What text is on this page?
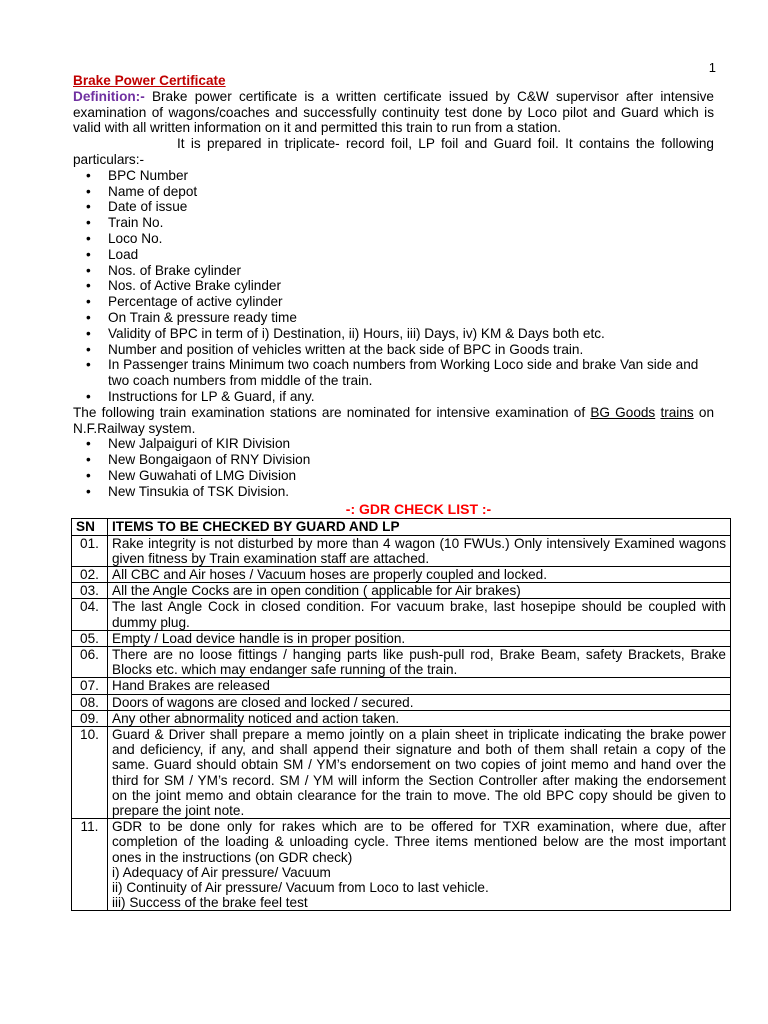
1
Brake Power Certificate

Definition:- Brake power certificate is a written certificate issued by C&W supervisor after intensive examination of wagons/coaches and successfully continuity test done by Loco pilot and Guard which is valid with all written information on it and permitted this train to run from a station.

It is prepared in triplicate- record foil, LP foil and Guard foil. It contains the following particulars:-

• BPC Number
• Name of depot
• Date of issue
• Train No.
• Loco No.
• Load
• Nos. of Brake cylinder
• Nos. of Active Brake cylinder
• Percentage of active cylinder
• On Train & pressure ready time
• Validity of BPC in term of i) Destination, ii) Hours, iii) Days, iv) KM & Days both etc.
• Number and position of vehicles written at the back side of BPC in Goods train.
• In Passenger trains Minimum two coach numbers from Working Loco side and brake Van side and two coach numbers from middle of the train.
• Instructions for LP & Guard, if any.

The following train examination stations are nominated for intensive examination of BG Goods trains on N.F.Railway system.

• New Jalpaiguri of KIR Division
• New Bongaigaon of RNY Division
• New Guwahati of LMG Division
• New Tinsukia of TSK Division.
-: GDR CHECK LIST :-
SN	ITEMS TO BE CHECKED BY GUARD AND LP
01.	Rake integrity is not disturbed by more than 4 wagon (10 FWUs.) Only intensively Examined wagons given fitness by Train examination staff are attached.

02.	All CBC and Air hoses / Vacuum hoses are properly coupled and locked.

03.	All the Angle Cocks are in open condition ( applicable for Air brakes)

04.	The last Angle Cock in closed condition. For vacuum brake, last hosepipe should be coupled with dummy plug.

05.	Empty / Load device handle is in proper position.

06.	There are no loose fittings / hanging parts like push-pull rod, Brake Beam, safety Brackets, Brake Blocks etc. which may endanger safe running of the train.

07.	Hand Brakes are released

08.	Doors of wagons are closed and locked / secured.

09.	Any other abnormality noticed and action taken.

10.	Guard & Driver shall prepare a memo jointly on a plain sheet in triplicate indicating the brake power and deficiency, if any, and shall append their signature and both of them shall retain a copy of the same. Guard should obtain SM / YM’s endorsement on two copies of joint memo and hand over the third for SM / YM’s record. SM / YM will inform the Section Controller after making the endorsement on the joint memo and obtain clearance for the train to move. The old BPC copy should be given to prepare the joint note.

11.	GDR to be done only for rakes which are to be offered for TXR examination, where due, after completion of the loading & unloading cycle. Three items mentioned below are the most important ones in the instructions (on GDR check)
i) Adequacy of Air pressure/ Vacuum
ii) Continuity of Air pressure/ Vacuum from Loco to last vehicle.
iii) Success of the brake feel test
